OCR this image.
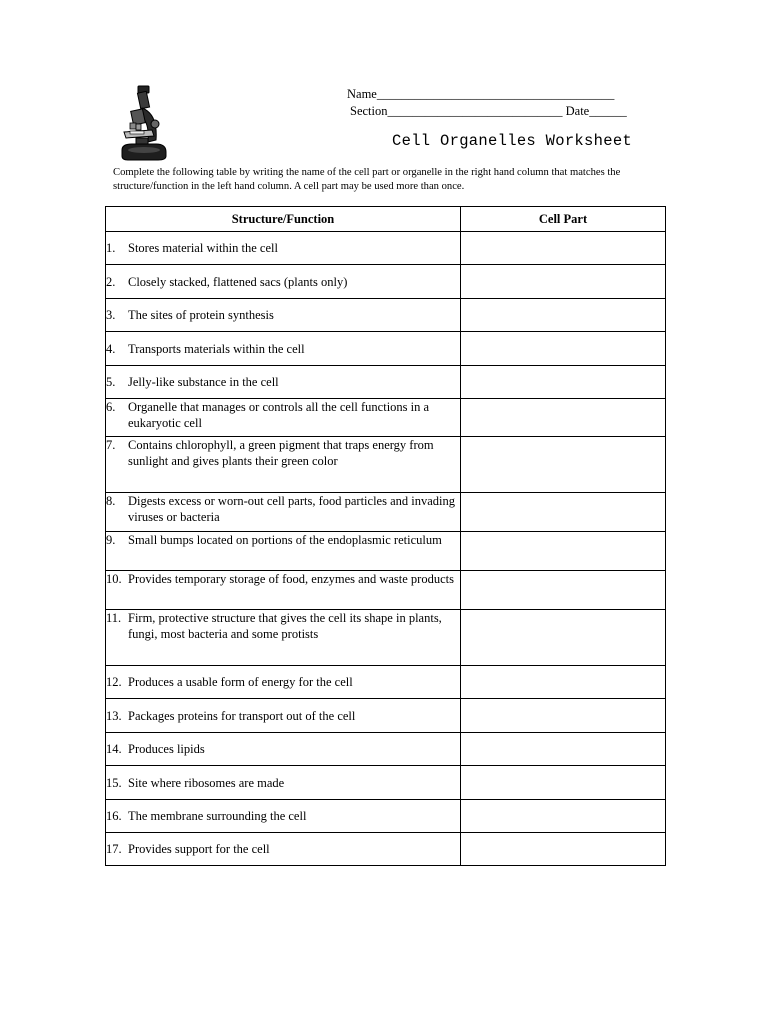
Name______________________________________
Section____________________________ Date______
Cell Organelles Worksheet
Complete the following table by writing the name of the cell part or organelle in the right hand column that matches the structure/function in the left hand column. A cell part may be used more than once.
Structure/Function	Cell Part

1. Stores material within the cell	

2. Closely stacked, flattened sacs (plants only)	

3. The sites of protein synthesis	

4. Transports materials within the cell	

5. Jelly-like substance in the cell	

6. Organelle that manages or controls all the cell functions in a eukaryotic cell	

7. Contains chlorophyll, a green pigment that traps energy from sunlight and gives plants their green color	

8. Digests excess or worn-out cell parts, food particles and invading viruses or bacteria	

9. Small bumps located on portions of the endoplasmic reticulum	

10. Provides temporary storage of food, enzymes and waste products	

11. Firm, protective structure that gives the cell its shape in plants, fungi, most bacteria and some protists	

12. Produces a usable form of energy for the cell	

13. Packages proteins for transport out of the cell	

14. Produces lipids	

15. Site where ribosomes are made	

16. The membrane surrounding the cell	

17. Provides support for the cell	
